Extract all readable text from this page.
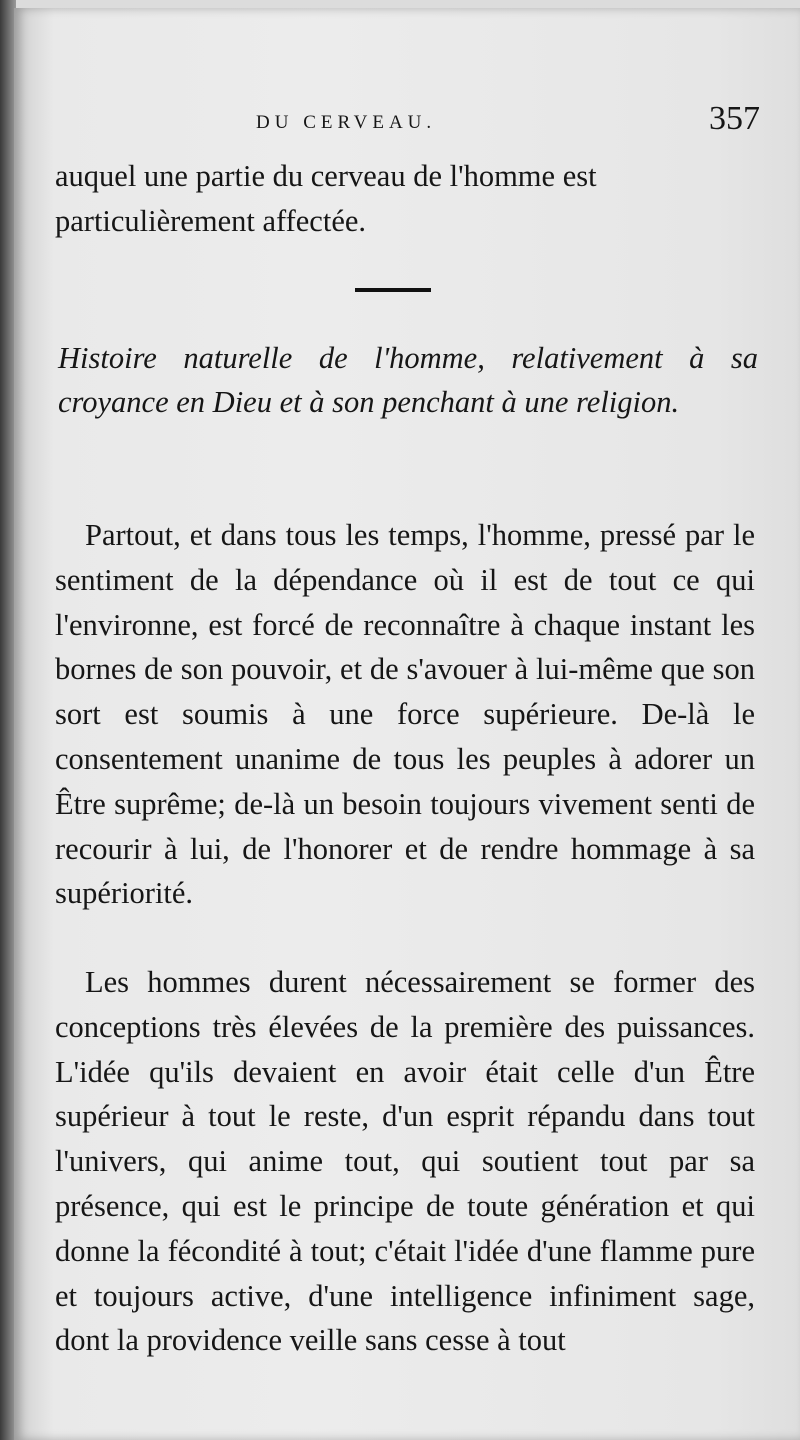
DU CERVEAU.	357
auquel une partie du cerveau de l'homme est particulièrement affectée.
Histoire naturelle de l'homme, relativement à sa croyance en Dieu et à son penchant à une religion.
Partout, et dans tous les temps, l'homme, pressé par le sentiment de la dépendance où il est de tout ce qui l'environne, est forcé de reconnaître à chaque instant les bornes de son pouvoir, et de s'avouer à lui-même que son sort est soumis à une force supérieure. De-là le consentement unanime de tous les peuples à adorer un Être suprême; de-là un besoin toujours vivement senti de recourir à lui, de l'honorer et de rendre hommage à sa supériorité.
Les hommes durent nécessairement se former des conceptions très élevées de la première des puissances. L'idée qu'ils devaient en avoir était celle d'un Être supérieur à tout le reste, d'un esprit répandu dans tout l'univers, qui anime tout, qui soutient tout par sa présence, qui est le principe de toute génération et qui donne la fécondité à tout; c'était l'idée d'une flamme pure et toujours active, d'une intelligence infiniment sage, dont la providence veille sans cesse à tout
